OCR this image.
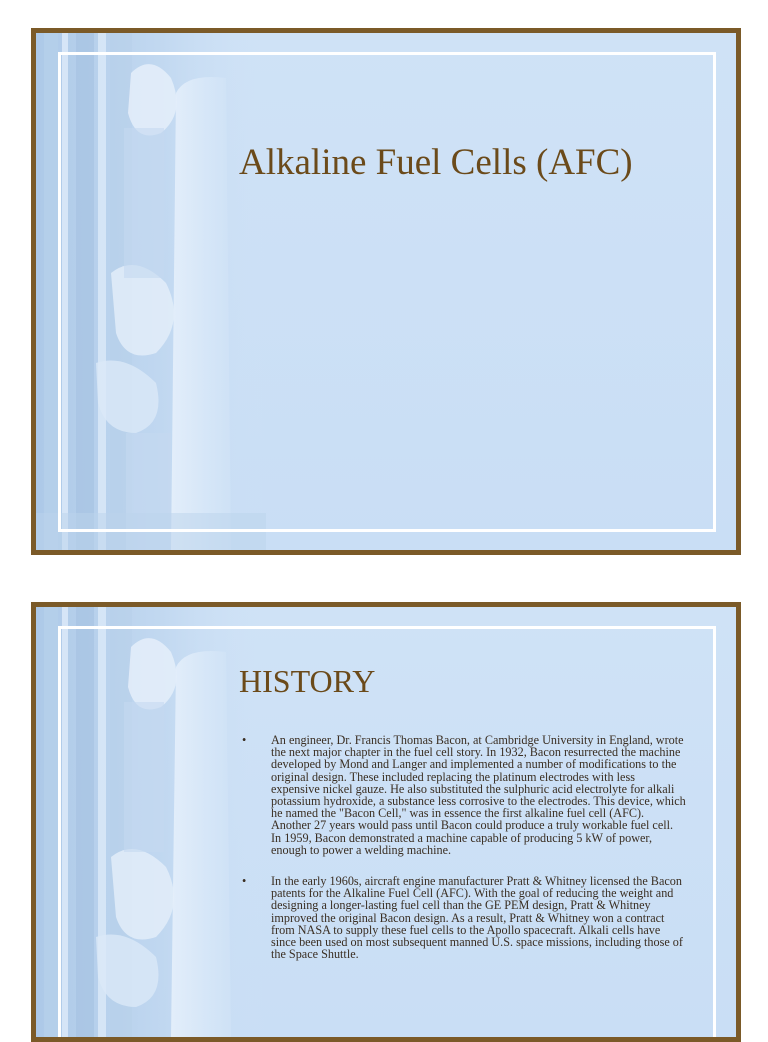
Alkaline Fuel Cells (AFC)
HISTORY
• An engineer, Dr. Francis Thomas Bacon, at Cambridge University in England, wrote the next major chapter in the fuel cell story. In 1932, Bacon resurrected the machine developed by Mond and Langer and implemented a number of modifications to the original design. These included replacing the platinum electrodes with less expensive nickel gauze. He also substituted the sulphuric acid electrolyte for alkali potassium hydroxide, a substance less corrosive to the electrodes. This device, which he named the "Bacon Cell," was in essence the first alkaline fuel cell (AFC). Another 27 years would pass until Bacon could produce a truly workable fuel cell. In 1959, Bacon demonstrated a machine capable of producing 5 kW of power, enough to power a welding machine.
• In the early 1960s, aircraft engine manufacturer Pratt & Whitney licensed the Bacon patents for the Alkaline Fuel Cell (AFC). With the goal of reducing the weight and designing a longer-lasting fuel cell than the GE PEM design, Pratt & Whitney improved the original Bacon design. As a result, Pratt & Whitney won a contract from NASA to supply these fuel cells to the Apollo spacecraft. Alkali cells have since been used on most subsequent manned U.S. space missions, including those of the Space Shuttle.
